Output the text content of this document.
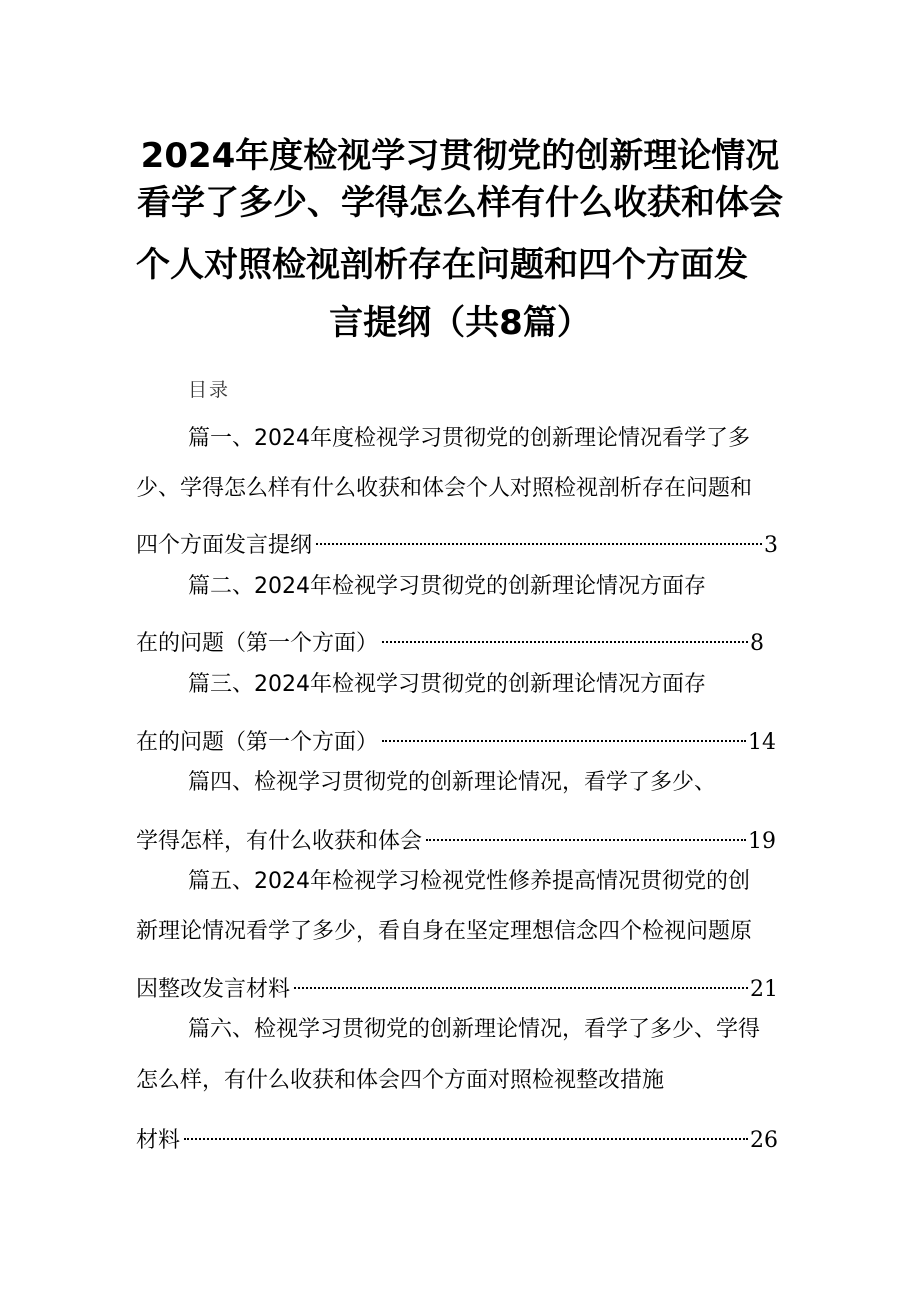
2024年度检视学习贯彻党的创新理论情况
看学了多少、学得怎么样有什么收获和体会
个人对照检视剖析存在问题和四个方面发
言提纲（共8篇）
目录
篇一、2024年度检视学习贯彻党的创新理论情况看学了多
少、学得怎么样有什么收获和体会个人对照检视剖析存在问题和
四个方面发言提纲	3
篇二、2024年检视学习贯彻党的创新理论情况方面存
在的问题（第一个方面）	8
篇三、2024年检视学习贯彻党的创新理论情况方面存
在的问题（第一个方面）	14
篇四、检视学习贯彻党的创新理论情况，看学了多少、
学得怎样，有什么收获和体会	19
篇五、2024年检视学习检视党性修养提高情况贯彻党的创
新理论情况看学了多少，看自身在坚定理想信念四个检视问题原
因整改发言材料	21
篇六、检视学习贯彻党的创新理论情况，看学了多少、学得
怎么样，有什么收获和体会四个方面对照检视整改措施
材料	26
